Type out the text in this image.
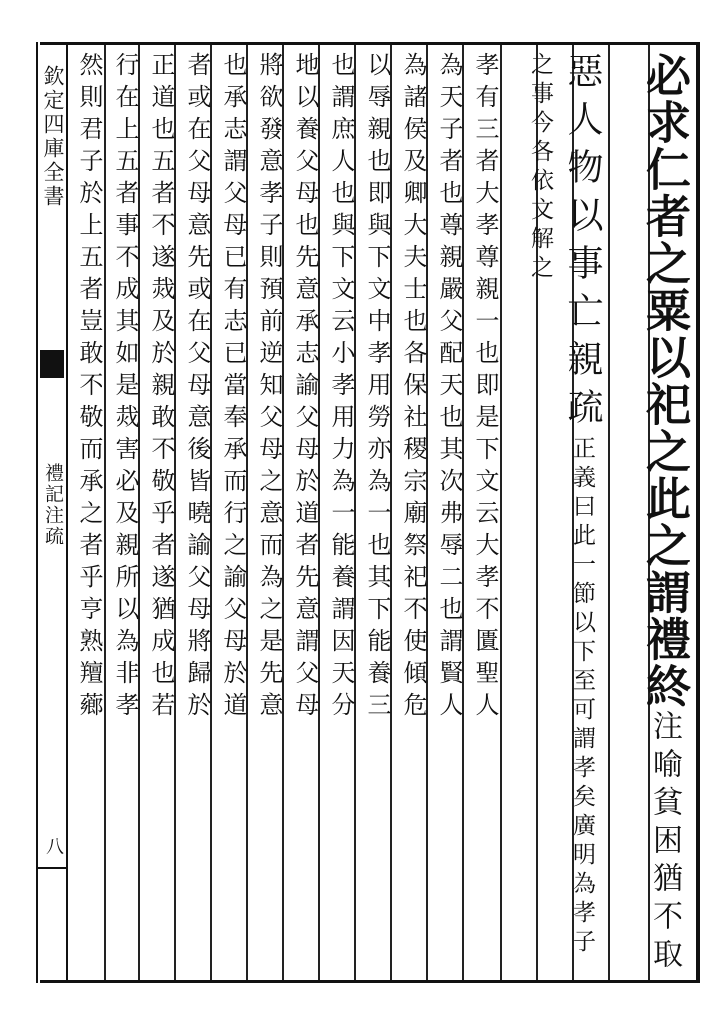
欽定四庫全書
禮記注疏
八
必求仁者之粟以祀之此之謂禮終注喻貧困猶不取
惡人物以事亡親疏正義曰此一節以下至可謂孝矣廣明為孝子之事今各依文解之
孝有三者大孝尊親一也即是下文云大孝不匱聖人
為天子者也尊親嚴父配天也其次弗辱二也謂賢人
為諸侯及卿大夫士也各保社稷宗廟祭祀不使傾危
以辱親也即與下文中孝用勞亦為一也其下能養三
也謂庶人也與下文云小孝用力為一能養謂因天分
地以養父母也先意承志諭父母於道者先意謂父母
將欲發意孝子則預前逆知父母之意而為之是先意
也承志謂父母已有志已當奉承而行之諭父母於道
者或在父母意先或在父母意後皆曉諭父母將歸於
正道也五者不遂烖及於親敢不敬乎者遂猶成也若
行在上五者事不成其如是烖害必及親所以為非孝
然則君子於上五者豈敢不敬而承之者乎亨熟羶薌
